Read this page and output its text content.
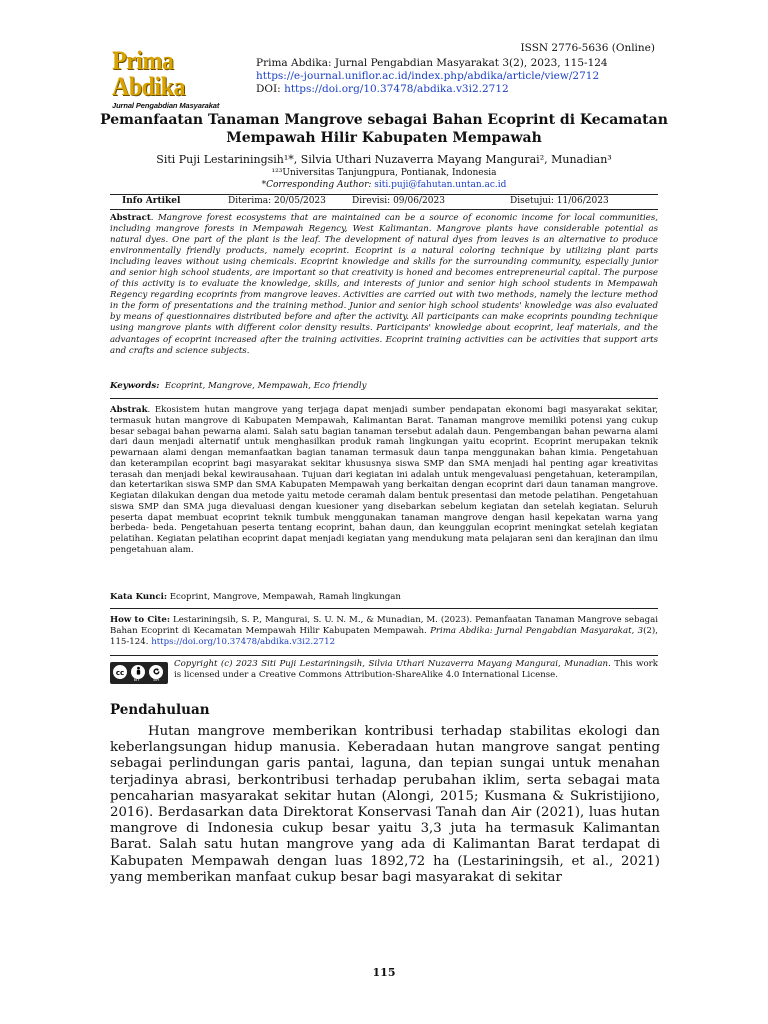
ISSN 2776-5636 (Online)
Prima Abdika
Jurnal Pengabdian Masyarakat
Prima Abdika: Jurnal Pengabdian Masyarakat 3(2), 2023, 115-124
https://e-journal.uniflor.ac.id/index.php/abdika/article/view/2712
DOI: https://doi.org/10.37478/abdika.v3i2.2712
Pemanfaatan Tanaman Mangrove sebagai Bahan Ecoprint di Kecamatan Mempawah Hilir Kabupaten Mempawah
Siti Puji Lestariningsih¹*, Silvia Uthari Nuzaverra Mayang Mangurai², Munadian³
¹²³Universitas Tanjungpura, Pontianak, Indonesia
*Corresponding Author: siti.puji@fahutan.untan.ac.id
Info Artikel	Diterima: 20/05/2023	Direvisi: 09/06/2023	Disetujui: 11/06/2023
Abstract. Mangrove forest ecosystems that are maintained can be a source of economic income for local communities, including mangrove forests in Mempawah Regency, West Kalimantan. Mangrove plants have considerable potential as natural dyes. One part of the plant is the leaf. The development of natural dyes from leaves is an alternative to produce environmentally friendly products, namely ecoprint. Ecoprint is a natural coloring technique by utilizing plant parts including leaves without using chemicals. Ecoprint knowledge and skills for the surrounding community, especially junior and senior high school students, are important so that creativity is honed and becomes entrepreneurial capital. The purpose of this activity is to evaluate the knowledge, skills, and interests of junior and senior high school students in Mempawah Regency regarding ecoprints from mangrove leaves. Activities are carried out with two methods, namely the lecture method in the form of presentations and the training method. Junior and senior high school students' knowledge was also evaluated by means of questionnaires distributed before and after the activity. All participants can make ecoprints pounding technique using mangrove plants with different color density results. Participants' knowledge about ecoprint, leaf materials, and the advantages of ecoprint increased after the training activities. Ecoprint training activities can be activities that support arts and crafts and science subjects.
Keywords: Ecoprint, Mangrove, Mempawah, Eco friendly
Abstrak. Ekosistem hutan mangrove yang terjaga dapat menjadi sumber pendapatan ekonomi bagi masyarakat sekitar, termasuk hutan mangrove di Kabupaten Mempawah, Kalimantan Barat. Tanaman mangrove memiliki potensi yang cukup besar sebagai bahan pewarna alami. Salah satu bagian tanaman tersebut adalah daun. Pengembangan bahan pewarna alami dari daun menjadi alternatif untuk menghasilkan produk ramah lingkungan yaitu ecoprint. Ecoprint merupakan teknik pewarnaan alami dengan memanfaatkan bagian tanaman termasuk daun tanpa menggunakan bahan kimia. Pengetahuan dan keterampilan ecoprint bagi masyarakat sekitar khususnya siswa SMP dan SMA menjadi hal penting agar kreativitas terasah dan menjadi bekal kewirausahaan. Tujuan dari kegiatan ini adalah untuk mengevaluasi pengetahuan, keterampilan, dan ketertarikan siswa SMP dan SMA Kabupaten Mempawah yang berkaitan dengan ecoprint dari daun tanaman mangrove. Kegiatan dilakukan dengan dua metode yaitu metode ceramah dalam bentuk presentasi dan metode pelatihan. Pengetahuan siswa SMP dan SMA juga dievaluasi dengan kuesioner yang disebarkan sebelum kegiatan dan setelah kegiatan. Seluruh peserta dapat membuat ecoprint teknik tumbuk menggunakan tanaman mangrove dengan hasil kepekatan warna yang berbeda- beda. Pengetahuan peserta tentang ecoprint, bahan daun, dan keunggulan ecoprint meningkat setelah kegiatan pelatihan. Kegiatan pelatihan ecoprint dapat menjadi kegiatan yang mendukung mata pelajaran seni dan kerajinan dan ilmu pengetahuan alam.
Kata Kunci: Ecoprint, Mangrove, Mempawah, Ramah lingkungan
How to Cite: Lestariningsih, S. P., Mangurai, S. U. N. M., & Munadian, M. (2023). Pemanfaatan Tanaman Mangrove sebagai Bahan Ecoprint di Kecamatan Mempawah Hilir Kabupaten Mempawah. Prima Abdika: Jurnal Pengabdian Masyarakat, 3(2), 115-124. https://doi.org/10.37478/abdika.v3i2.2712
cc
BY	SA
Copyright (c) 2023 Siti Puji Lestariningsih, Silvia Uthari Nuzaverra Mayang Mangurai, Munadian. This work is licensed under a Creative Commons Attribution-ShareAlike 4.0 International License.
Pendahuluan
Hutan mangrove memberikan kontribusi terhadap stabilitas ekologi dan keberlangsungan hidup manusia. Keberadaan hutan mangrove sangat penting sebagai perlindungan garis pantai, laguna, dan tepian sungai untuk menahan terjadinya abrasi, berkontribusi terhadap perubahan iklim, serta sebagai mata pencaharian masyarakat sekitar hutan (Alongi, 2015; Kusmana & Sukristijiono, 2016). Berdasarkan data Direktorat Konservasi Tanah dan Air (2021), luas hutan mangrove di Indonesia cukup besar yaitu 3,3 juta ha termasuk Kalimantan Barat. Salah satu hutan mangrove yang ada di Kalimantan Barat terdapat di Kabupaten Mempawah dengan luas 1892,72 ha (Lestariningsih, et al., 2021) yang memberikan manfaat cukup besar bagi masyarakat di sekitar
115
